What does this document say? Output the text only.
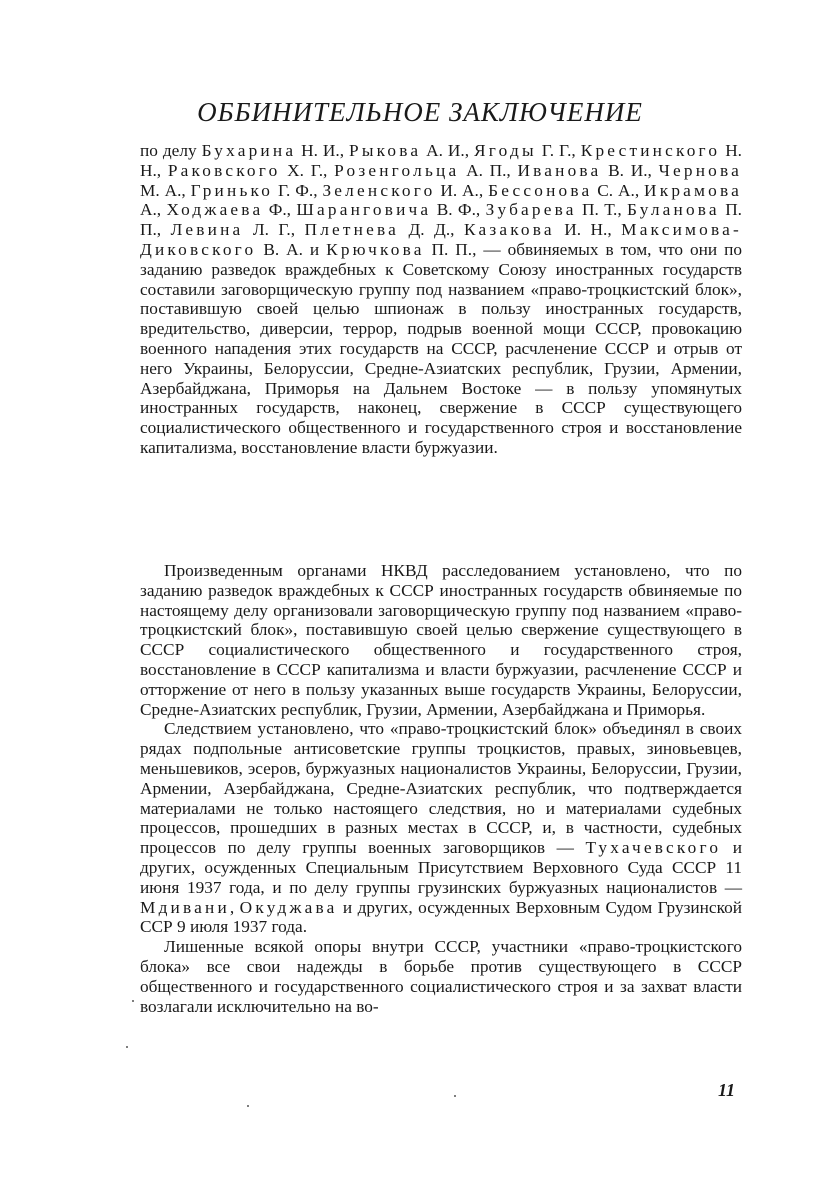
ОББИНИТЕЛЬНОЕ ЗАКЛЮЧЕНИЕ
по делу Бухарина Н. И., Рыкова А. И., Ягоды Г. Г., Крестинского Н. Н., Раковского Х. Г., Розенгольца А. П., Иванова В. И., Чернова М. А., Гринько Г. Ф., Зеленского И. А., Бессонова С. А., Икрамова А., Ходжаева Ф., Шаранговича В. Ф., Зубарева П. Т., Буланова П. П., Левина Л. Г., Плетнева Д. Д., Казакова И. Н., Максимова-Диковского В. А. и Крючкова П. П., — обвиняемых в том, что они по заданию разведок враждебных к Советскому Союзу иностранных государств составили заговорщическую группу под названием «право-троцкистский блок», поставившую своей целью шпионаж в пользу иностранных государств, вредительство, диверсии, террор, подрыв военной мощи СССР, провокацию военного нападения этих государств на СССР, расчленение СССР и отрыв от него Украины, Белоруссии, Средне-Азиатских республик, Грузии, Армении, Азербайджана, Приморья на Дальнем Востоке — в пользу упомянутых иностранных государств, наконец, свержение в СССР существующего социалистического общественного и государственного строя и восстановление капитализма, восстановление власти буржуазии.

Произведенным органами НКВД расследованием установлено, что по заданию разведок враждебных к СССР иностранных государств обвиняемые по настоящему делу организовали заговорщическую группу под названием «право-троцкистский блок», поставившую своей целью свержение существующего в СССР социалистического общественного и государственного строя, восстановление в СССР капитализма и власти буржуазии, расчленение СССР и отторжение от него в пользу указанных выше государств Украины, Белоруссии, Средне-Азиатских республик, Грузии, Армении, Азербайджана и Приморья.

Следствием установлено, что «право-троцкистский блок» объединял в своих рядах подпольные антисоветские группы троцкистов, правых, зиновьевцев, меньшевиков, эсеров, буржуазных националистов Украины, Белоруссии, Грузии, Армении, Азербайджана, Средне-Азиатских республик, что подтверждается материалами не только настоящего следствия, но и материалами судебных процессов, прошедших в разных местах в СССР, и, в частности, судебных процессов по делу группы военных заговорщиков — Тухачевского и других, осужденных Специальным Присутствием Верховного Суда СССР 11 июня 1937 года, и по делу группы грузинских буржуазных националистов — Мдивани, Окуджава и других, осужденных Верховным Судом Грузинской ССР 9 июля 1937 года.

Лишенные всякой опоры внутри СССР, участники «право-троцкистского блока» все свои надежды в борьбе против существующего в СССР общественного и государственного социалистического строя и за захват власти возлагали исключительно на во-

11
